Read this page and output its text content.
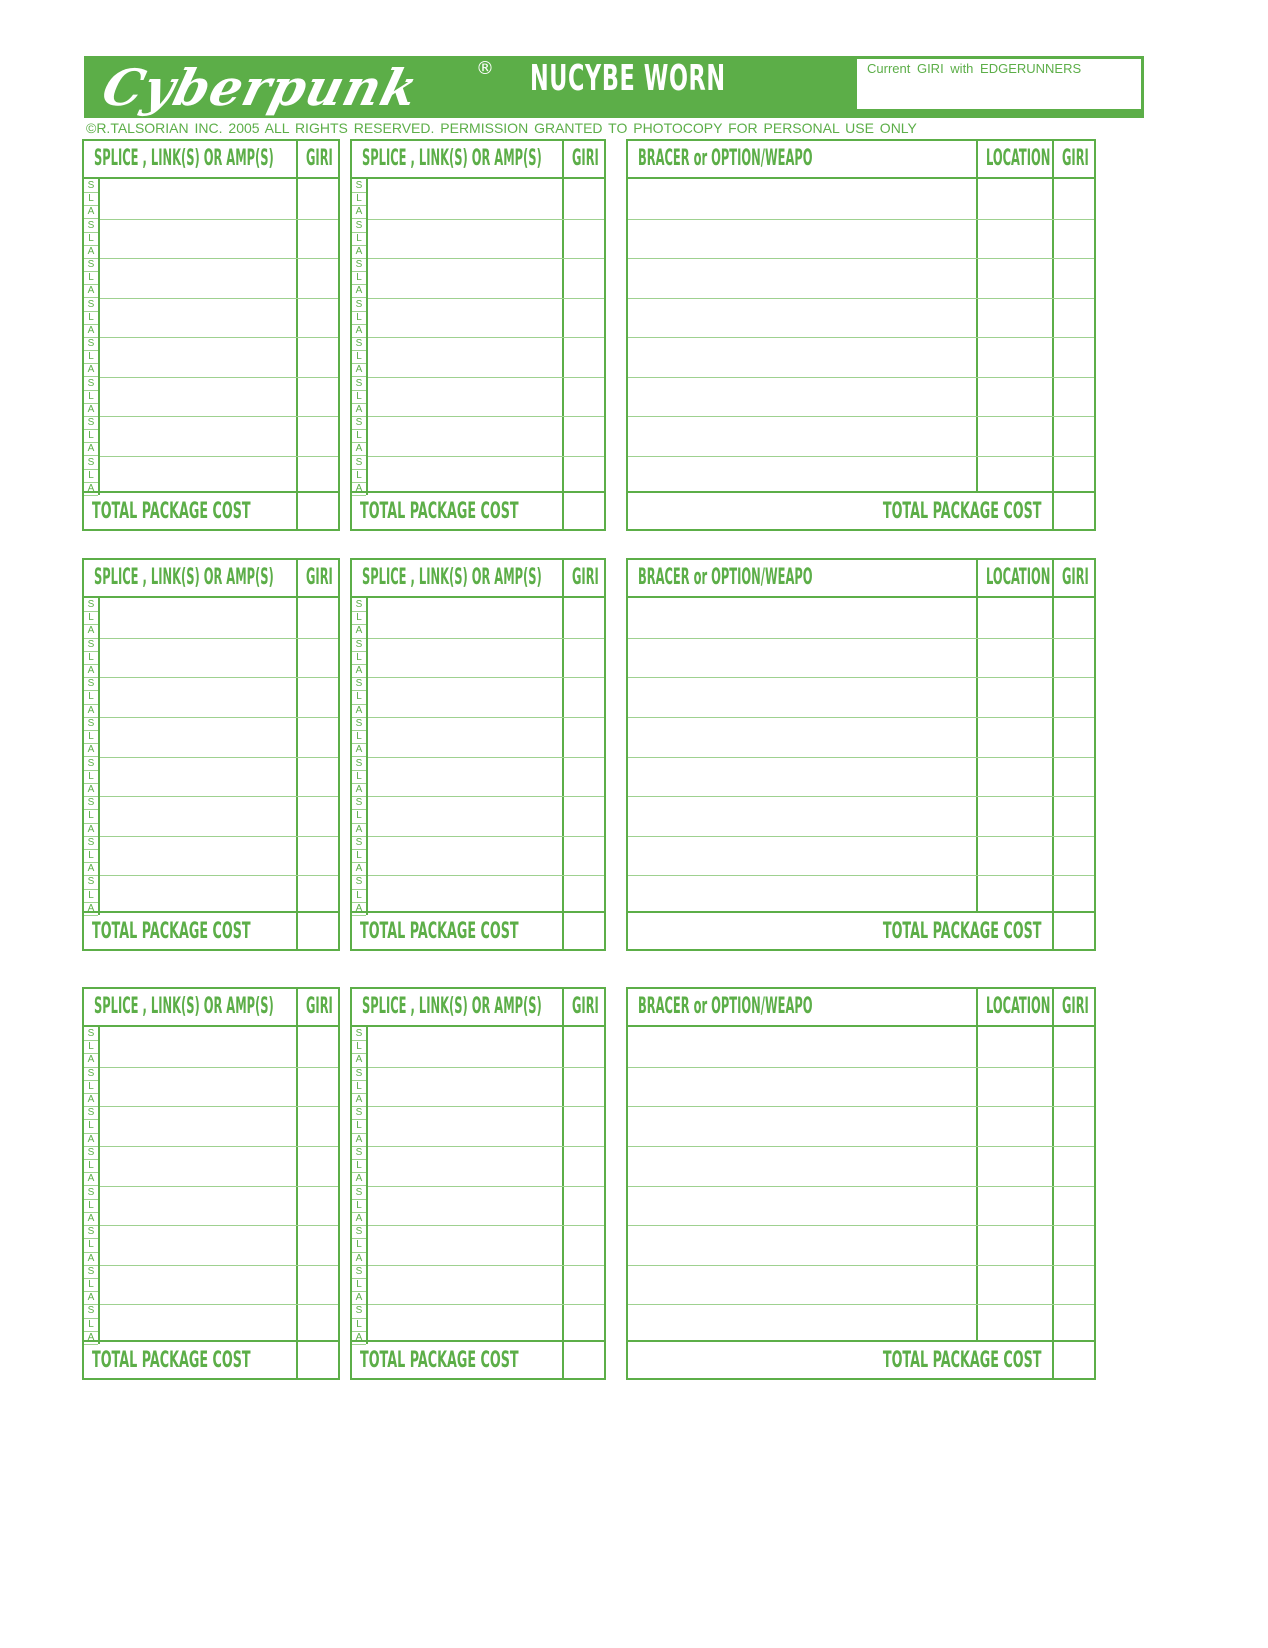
Cyberpunk	® NUCYBE WORN	Current GIRI with EDGERUNNERS
©R.TALSORIAN INC. 2005 ALL RIGHTS RESERVED. PERMISSION GRANTED TO PHOTOCOPY FOR PERSONAL USE ONLY
SPLICE , LINK(S) OR AMP(S) GIRI
S
L
A
S
L
A
S
L
A
S
L
A
S
L
A
S
L
A
S
L
A
S
L
A
TOTAL PACKAGE COST
SPLICE , LINK(S) OR AMP(S) GIRI
S
L
A
S
L
A
S
L
A
S
L
A
S
L
A
S
L
A
S
L
A
S
L
A
TOTAL PACKAGE COST
BRACER or OPTION/WEAPO	LOCATION GIRI
TOTAL PACKAGE COST
SPLICE , LINK(S) OR AMP(S) GIRI
S
L
A
S
L
A
S
L
A
S
L
A
S
L
A
S
L
A
S
L
A
S
L
A
TOTAL PACKAGE COST
SPLICE , LINK(S) OR AMP(S) GIRI
S
L
A
S
L
A
S
L
A
S
L
A
S
L
A
S
L
A
S
L
A
S
L
A
TOTAL PACKAGE COST
BRACER or OPTION/WEAPO	LOCATION GIRI
TOTAL PACKAGE COST
SPLICE , LINK(S) OR AMP(S) GIRI
S
L
A
S
L
A
S
L
A
S
L
A
S
L
A
S
L
A
S
L
A
S
L
A
TOTAL PACKAGE COST
SPLICE , LINK(S) OR AMP(S) GIRI
S
L
A
S
L
A
S
L
A
S
L
A
S
L
A
S
L
A
S
L
A
S
L
A
TOTAL PACKAGE COST
BRACER or OPTION/WEAPO	LOCATION GIRI
TOTAL PACKAGE COST
